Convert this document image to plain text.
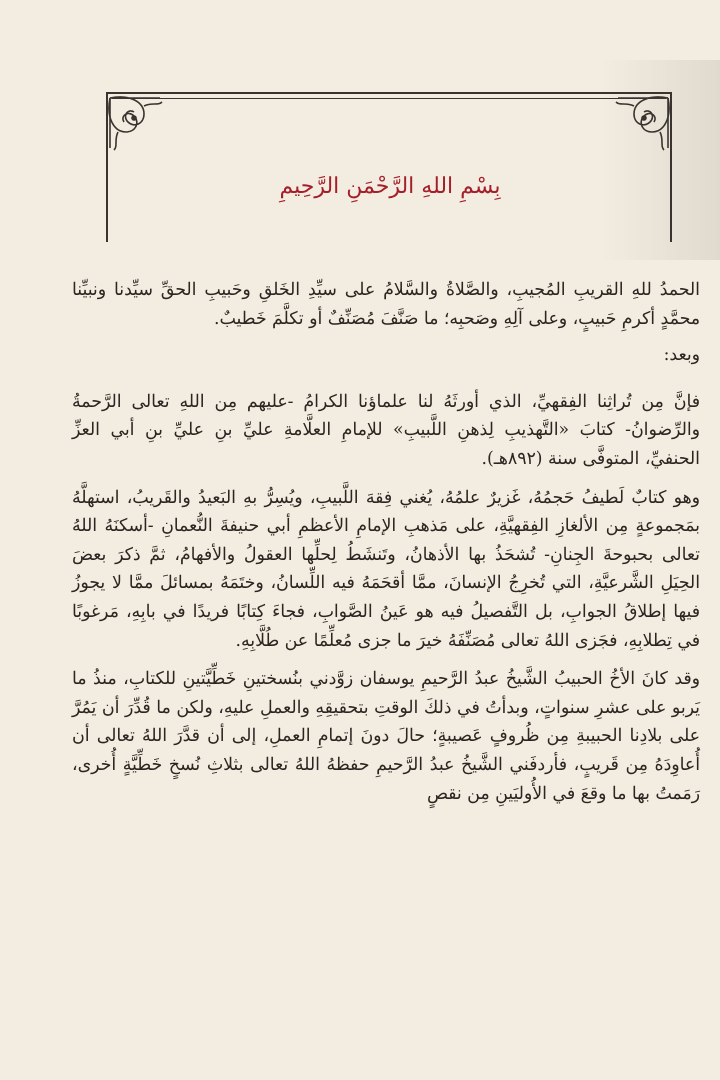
بِسْمِ اللهِ الرَّحْمَنِ الرَّحِيمِ

الحمدُ للهِ القريبِ المُجيبِ، والصَّلاةُ والسَّلامُ على سيِّدِ الخَلقِ وحَبيبِ الحقِّ سيِّدنا ونبيِّنا محمَّدٍ أكرمِ حَبيبٍ، وعلى آلِهِ وصَحبِه؛ ما صَنَّفَ مُصَنِّفٌ أو تكلَّمَ خَطيبٌ.

وبعد:

فإنَّ مِن تُراثِنا الفِقهيِّ، الذي أورثَهُ لنا علماؤنا الكرامُ -عليهم مِن اللهِ تعالى الرَّحمةُ والرِّضوانُ- كتابَ «التَّهذيبِ لِذهنِ اللَّبيبِ» للإمامِ العلَّامةِ عليِّ بنِ عليِّ بنِ أبي العزِّ الحنفيِّ، المتوفَّى سنة (٨٩٢هـ).

وهو كتابٌ لَطيفُ حَجمُهُ، غَزيرٌ علمُهُ، يُغني فِقهَ اللَّبيبِ، ويُسِرُّ بهِ البَعيدُ والقَريبُ، استهلَّهُ بمَجموعةٍ مِن الألغازِ الفِقهيَّةِ، على مَذهبِ الإمامِ الأعظمِ أبي حنيفةَ النُّعمانِ -أسكنَهُ اللهُ تعالى بحبوحةَ الجِنانِ- تُشحَذُ بها الأذهانُ، وتَنشَطُ لِحلِّها العقولُ والأفهامُ، ثمَّ ذكرَ بعضَ الحِيَلِ الشَّرعيَّةِ، التي تُخرِجُ الإنسانَ، ممَّا أقحَمَهُ فيه اللِّسانُ، وختَمَهُ بمسائلَ ممَّا لا يجوزُ فيها إطلاقُ الجوابِ، بل التَّفصيلُ فيه هو عَينُ الصَّوابِ، فجاءَ كِتابًا فريدًا في بابِهِ، مَرغوبًا في تِطلابِهِ، فجَزى اللهُ تعالى مُصَنِّفَهُ خيرَ ما جزى مُعلِّمًا عن طُلَّابِهِ.

وقد كانَ الأخُ الحبيبُ الشَّيخُ عبدُ الرَّحيمِ يوسفان زوَّدني بنُسختينِ خَطِّيَّتينِ للكتابِ، منذُ ما يَربو على عشرِ سنواتٍ، وبدأتُ في ذلكَ الوقتِ بتحقيقِهِ والعملِ عليهِ، ولكن ما قُدِّرَ أن يَمُرَّ على بلادِنا الحبيبةِ مِن ظُروفٍ عَصيبةٍ؛ حالَ دونَ إتمامِ العملِ، إلى أن قدَّرَ اللهُ تعالى أن أُعاوِدَهُ مِن قَريبٍ، فأردفَني الشَّيخُ عبدُ الرَّحيمِ حفظهُ اللهُ تعالى بثلاثِ نُسخٍ خَطِّيَّةٍ أُخرى، رَمَمتُ بها ما وقعَ في الأُوليَينِ مِن نقصٍ
